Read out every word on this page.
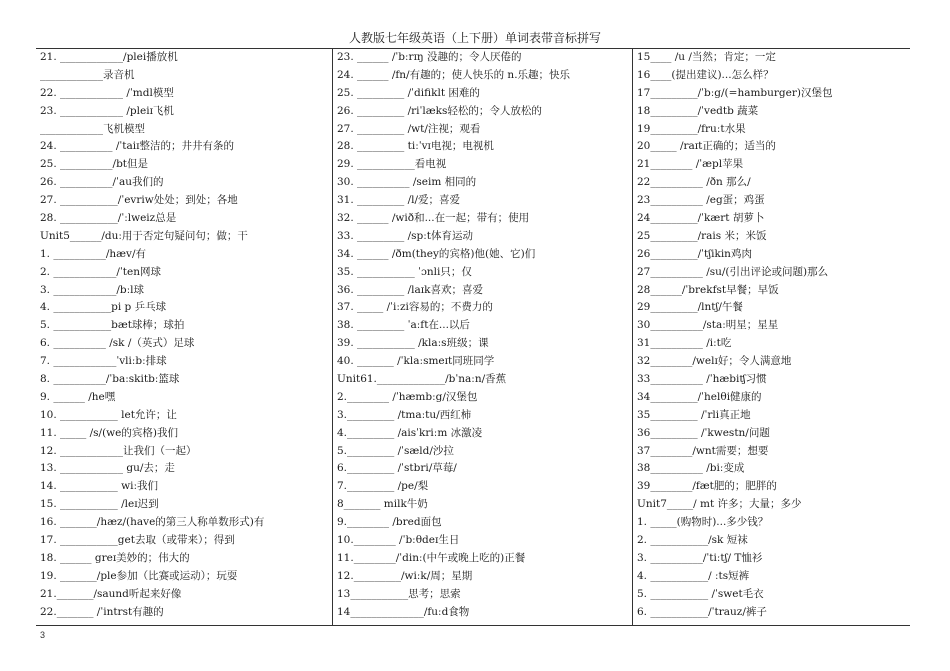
人教版七年级英语（上下册）单词表带音标拼写
21. ____________/plei播放机
____________录音机
22. ____________ /ˈmdl模型
23. ____________ /pleiɪ飞机
____________飞机模型
24. __________ /ˈtaiɪ整洁的；井井有条的
25. __________/bt但是
26. __________/ˈau我们的
27. ___________/ˈevriw处处；到处；各地
28. ___________/ˈːlweiz总是
Unit5______/duː用于否定句疑问句；做；干
1. __________/hæv/有
2. ____________/ˈten网球
3. ____________/bːl球
4. ___________pi p 乒乓球
5. ___________bæt球棒；球拍
6. __________ /sk /（英式）足球
7. ____________ˈvliːbː排球
8. __________/ˈbaːskitbː篮球
9. ______ /he嘿
10. ___________ let允许；让
11. _____ /s/(we的宾格)我们
12. ____________让我们（一起）
13. ____________ gu/去；走
14. ___________ wiː我们
15. ___________ /leɪ迟到
16. _______/hæz/(have的第三人称单数形式)有
17. ___________get去取（或带来）；得到
18. ______ greɪ美妙的；伟大的
19. _______/ple参加（比赛或运动）；玩耍
21._______/saund听起来好像
22._______ /ˈintrst有趣的
23. ______ /ˈbːrɪŋ 没趣的；令人厌倦的
24. ______ /fn/有趣的；使人快乐的 n.乐趣；快乐
25. _________ /ˈdifiklt 困难的
26. _________ /riˈlæks轻松的；令人放松的
27. _________ /wt/注视；观看
28. _________ tiːˈvɪ电视；电视机
29. ___________看电视
30. __________ /seim 相同的
31. _________ /l/爱；喜爱
32. ______ /wið和...在一起；带有；使用
33. _________ /spːt体育运动
34. ______ /ðm(they的宾格)他(她、它)们
35. ___________ ˈɔnli只；仅
36. _________ /laɪk喜欢；喜爱
37. _____ /ˈiːzi容易的；不费力的
38. _________ ˈaːft在...以后
39. ___________ /klaːs班级；课
40. _______ /ˈklaːsmeɪt同班同学
Unit61._____________/bˈnaːn/香蕉
2.________ /ˈhæmbːg/汉堡包
3._________ /tmaːtu/西红柿
4._________ /aisˈkriːm 冰激凌
5._________ /ˈsæld/沙拉
6._________ /ˈstbri/草莓/
7._________ /pe/梨
8_______ milk牛奶
9.________ /bred面包
10.________ /ˈbːθdeɪ生日
11.________/ˈdinː(中午或晚上吃的)正餐
12._________/wiːk/周；星期
13___________思考；思索
14______________/fuːd食物
15____ /u /当然；肯定；一定
16____(提出建议)...怎么样？
17_________/ˈbːg/(=hamburger)汉堡包
18_________/ˈvedtb 蔬菜
19_________/fruːt水果
20_____ /raɪt正确的；适当的
21________ /ˈæpl苹果
22__________ /ðn 那么/
23__________ /eg蛋；鸡蛋
24_________/ˈkært 胡萝卜
25_________/rais 米；米饭
26_________/ˈtʃikin鸡肉
27__________ /su/(引出评论或问题)那么
28______/ˈbrekfst早餐；早饭
29_________/lntʃ/午餐
30__________/staː明星；星星
31__________ /iːt吃
32________/welɪ好；令人满意地
33__________ /ˈhæbiʧ习惯
34_________/ˈhelθi健康的
35_________ /ˈrli真正地
36_________ /ˈkwestn/问题
37________/wnt需要；想要
38__________ /biː变成
39________/fæt肥的；肥胖的
Unit7_____/ mt 许多；大量；多少
1. _____(购物时)...多少钱？
2. ___________/sk 短袜
3. __________/ˈtiːtʃ/ T恤衫
4. ___________/ ːts短裤
5. ___________ /ˈswet毛衣
6. ___________/ˈtrauz/裤子
3
